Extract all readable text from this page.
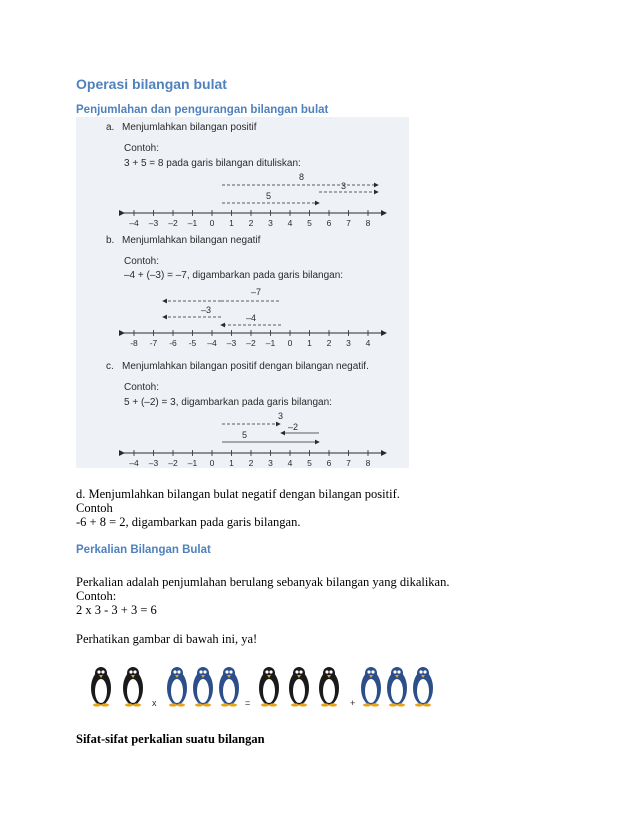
Operasi bilangan bulat
Penjumlahan dan pengurangan bilangan bulat
a. Menjumlahkan bilangan positif
Contoh:
3 + 5 = 8 pada garis bilangan dituliskan:
8
5
3
–4 –3 –2 –1 0 1 2 3 4 5 6 7 8
b. Menjumlahkan bilangan negatif
Contoh:
–4 + (–3) = –7, digambarkan pada garis bilangan:
–7
–3
–4
-8 -7 -6 -5 –4 –3 –2 –1 0 1 2 3 4
c. Menjumlahkan bilangan positif dengan bilangan negatif.
Contoh:
5 + (–2) = 3, digambarkan pada garis bilangan:
3
5
–2
–4 –3 –2 –1 0 1 2 3 4 5 6 7 8
d. Menjumlahkan bilangan bulat negatif dengan bilangan positif.
Contoh
-6 + 8 = 2, digambarkan pada garis bilangan.
Perkalian Bilangan Bulat
Perkalian adalah penjumlahan berulang sebanyak bilangan yang dikalikan.
Contoh:
2 x 3 - 3 + 3 = 6
Perhatikan gambar di bawah ini, ya!
x	=	+
Sifat-sifat perkalian suatu bilangan
